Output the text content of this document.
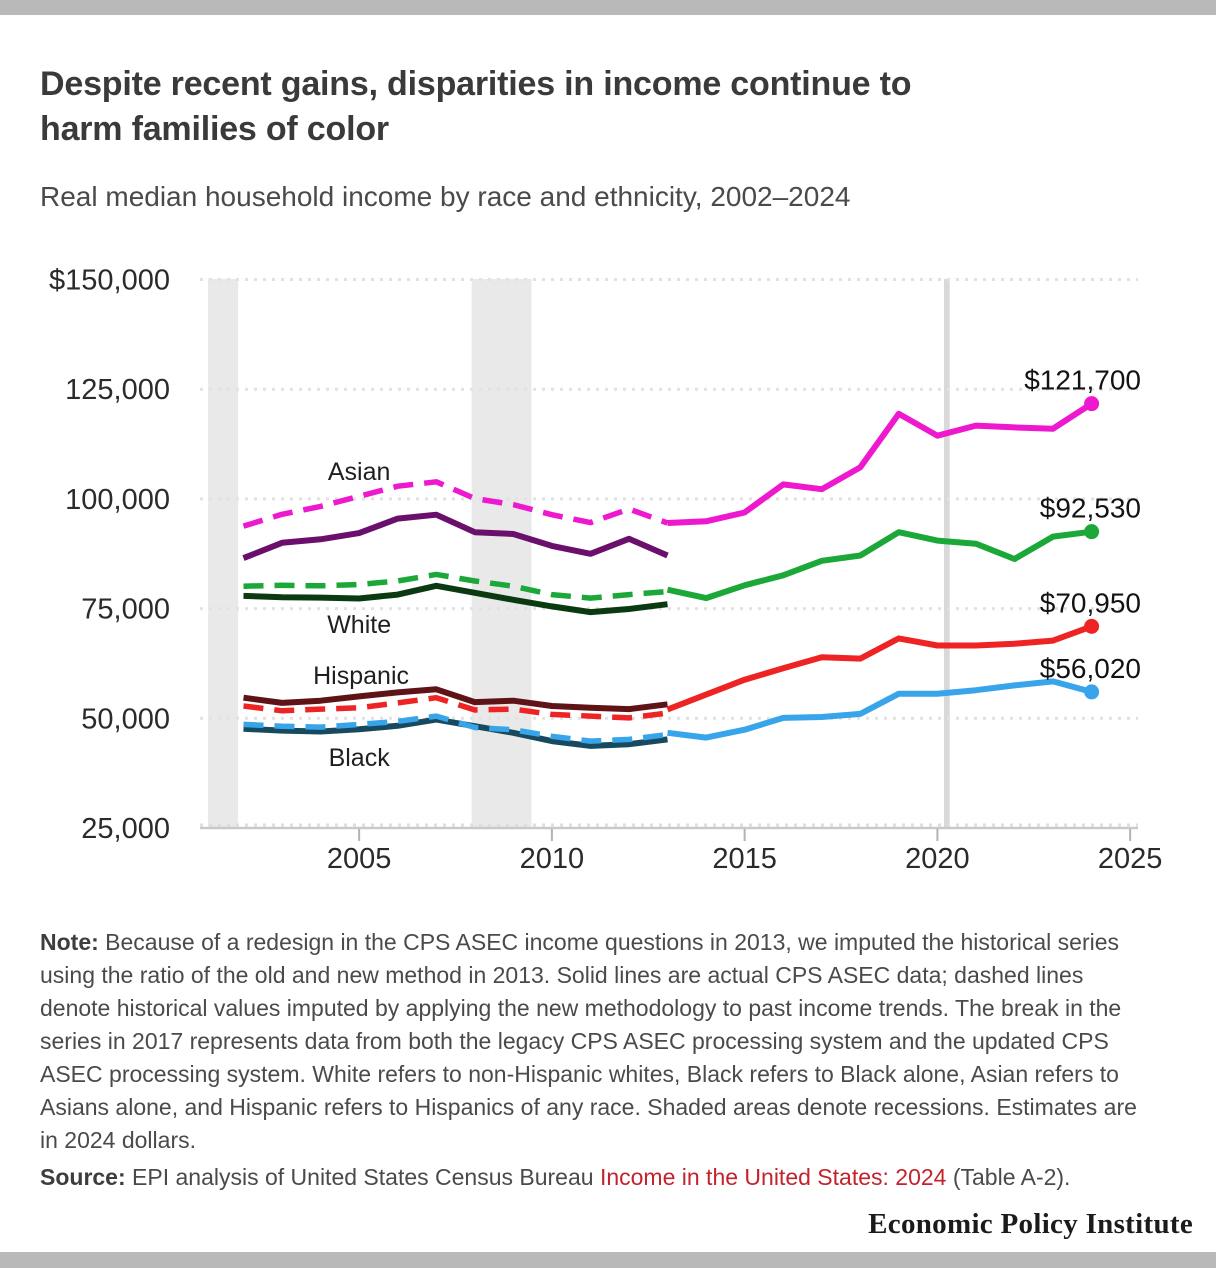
Despite recent gains, disparities in income continue to
harm families of color
Real median household income by race and ethnicity, 2002–2024
$150,000
125,000
100,000
75,000
50,000
25,000
2005	2010	2015	2020	2025
Asian
White
Hispanic
Black
$121,700
$92,530
$70,950
$56,020

Note: Because of a redesign in the CPS ASEC income questions in 2013, we imputed the historical series using the ratio of the old and new method in 2013. Solid lines are actual CPS ASEC data; dashed lines denote historical values imputed by applying the new methodology to past income trends. The break in the series in 2017 represents data from both the legacy CPS ASEC processing system and the updated CPS ASEC processing system. White refers to non-Hispanic whites, Black refers to Black alone, Asian refers to Asians alone, and Hispanic refers to Hispanics of any race. Shaded areas denote recessions. Estimates are in 2024 dollars.

Source: EPI analysis of United States Census Bureau Income in the United States: 2024 (Table A-2).

Economic Policy Institute
